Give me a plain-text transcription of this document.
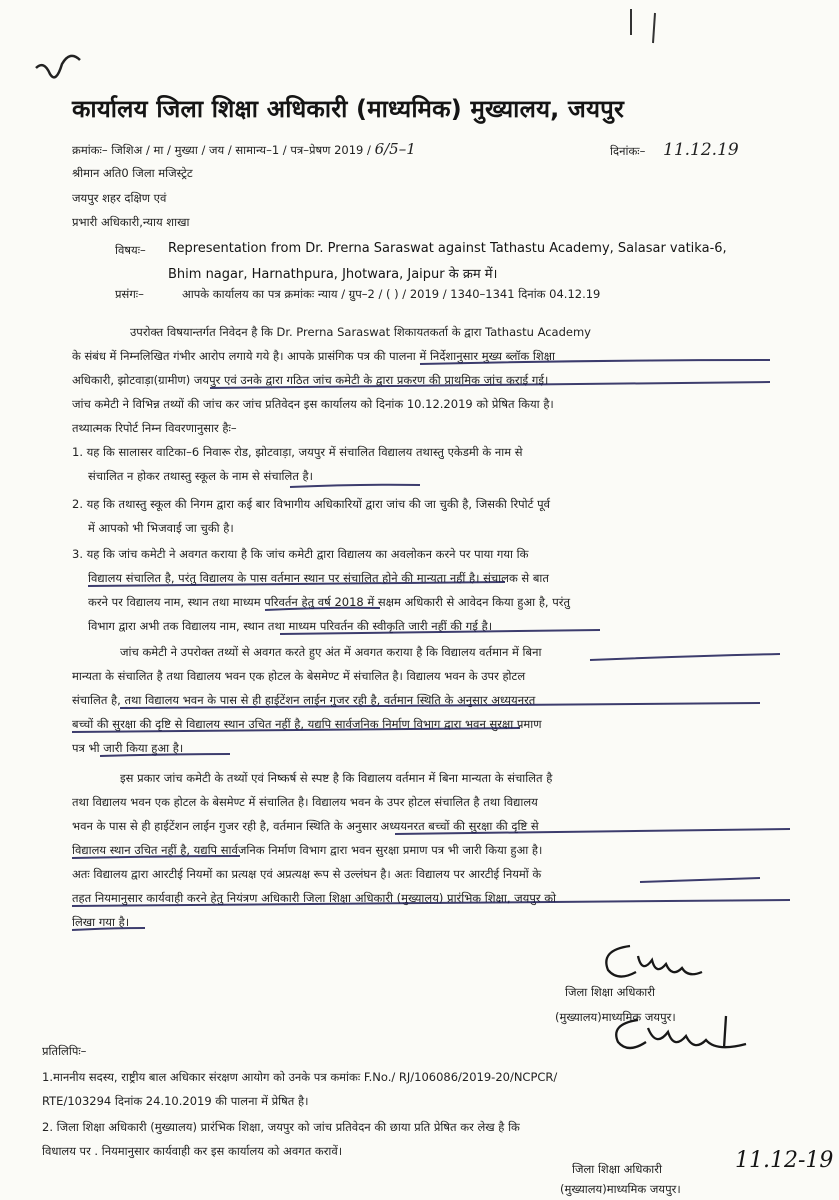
कार्यालय जिला शिक्षा अधिकारी (माध्यमिक) मुख्यालय, जयपुर
क्रमांकः– जिशिअ / मा / मुख्या / जय / सामान्य–1 / पत्र–प्रेषण 2019 / 6/5–1	दिनांकः– 11.12.19
श्रीमान अति0 जिला मजिस्ट्रेट
जयपुर शहर दक्षिण एवं
प्रभारी अधिकारी,न्याय शाखा
विषयः– Representation from Dr. Prerna Saraswat against Tathastu Academy, Salasar vatika-6,
Bhim nagar, Harnathpura, Jhotwara, Jaipur के क्रम में।
प्रसंगः–	आपके कार्यालय का पत्र क्रमांकः न्याय / ग्रुप–2 / ( ) / 2019 / 1340–1341 दिनांक 04.12.19
उपरोक्त विषयान्तर्गत निवेदन है कि Dr. Prerna Saraswat शिकायतकर्ता के द्वारा Tathastu Academy
के संबंध में निम्नलिखित गंभीर आरोप लगाये गये है। आपके प्रासंगिक पत्र की पालना में निर्देशानुसार मुख्य ब्लॉक शिक्षा
अधिकारी, झोटवाड़ा(ग्रामीण) जयपुर एवं उनके द्वारा गठित जांच कमेटी के द्वारा प्रकरण की प्राथमिक जांच कराई गई।
जांच कमेटी ने विभिन्न तथ्यों की जांच कर जांच प्रतिवेदन इस कार्यालय को दिनांक 10.12.2019 को प्रेषित किया है।
तथ्यात्मक रिपोर्ट निम्न विवरणानुसार हैः–
1. यह कि सालासर वाटिका–6 निवारू रोड, झोटवाड़ा, जयपुर में संचालित विद्यालय तथास्तु एकेडमी के नाम से
संचालित न होकर तथास्तु स्कूल के नाम से संचालित है।
2. यह कि तथास्तु स्कूल की निगम द्वारा कई बार विभागीय अधिकारियों द्वारा जांच की जा चुकी है, जिसकी रिपोर्ट पूर्व
में आपको भी भिजवाई जा चुकी है।
3. यह कि जांच कमेटी ने अवगत कराया है कि जांच कमेटी द्वारा विद्यालय का अवलोकन करने पर पाया गया कि
विद्यालय संचालित है, परंतु विद्यालय के पास वर्तमान स्थान पर संचालित होने की मान्यता नहीं है। संचालक से बात
करने पर विद्यालय नाम, स्थान तथा माध्यम परिवर्तन हेतु वर्ष 2018 में सक्षम अधिकारी से आवेदन किया हुआ है, परंतु
विभाग द्वारा अभी तक विद्यालय नाम, स्थान तथा माध्यम परिवर्तन की स्वीकृति जारी नहीं की गई है।
जांच कमेटी ने उपरोक्त तथ्यों से अवगत करते हुए अंत में अवगत कराया है कि विद्यालय वर्तमान में बिना
मान्यता के संचालित है तथा विद्यालय भवन एक होटल के बेसमेण्ट में संचालित है। विद्यालय भवन के उपर होटल
संचालित है, तथा विद्यालय भवन के पास से ही हाईटेंशन लाईन गुजर रही है, वर्तमान स्थिति के अनुसार अध्ययनरत
बच्चों की सुरक्षा की दृष्टि से विद्यालय स्थान उचित नहीं है, यद्यपि सार्वजनिक निर्माण विभाग द्वारा भवन सुरक्षा प्रमाण
पत्र भी जारी किया हुआ है।
इस प्रकार जांच कमेटी के तथ्यों एवं निष्कर्ष से स्पष्ट है कि विद्यालय वर्तमान में बिना मान्यता के संचालित है
तथा विद्यालय भवन एक होटल के बेसमेण्ट में संचालित है। विद्यालय भवन के उपर होटल संचालित है तथा विद्यालय
भवन के पास से ही हाईटेंशन लाईन गुजर रही है, वर्तमान स्थिति के अनुसार अध्ययनरत बच्चों की सुरक्षा की दृष्टि से
विद्यालय स्थान उचित नहीं है, यद्यपि सार्वजनिक निर्माण विभाग द्वारा भवन सुरक्षा प्रमाण पत्र भी जारी किया हुआ है।
अतः विद्यालय द्वारा आरटीई नियमों का प्रत्यक्ष एवं अप्रत्यक्ष रूप से उल्लंघन है। अतः विद्यालय पर आरटीई नियमों के
तहत नियमानुसार कार्यवाही करने हेतु नियंत्रण अधिकारी जिला शिक्षा अधिकारी (मुख्यालय) प्रारंभिक शिक्षा, जयपुर को
लिखा गया है।
जिला शिक्षा अधिकारी
(मुख्यालय)माध्यमिक जयपुर।
प्रतिलिपिः–
1.माननीय सदस्य, राष्ट्रीय बाल अधिकार संरक्षण आयोग को उनके पत्र कमांकः F.No./ RJ/106086/2019-20/NCPCR/
RTE/103294 दिनांक 24.10.2019 की पालना में प्रेषित है।
2. जिला शिक्षा अधिकारी (मुख्यालय) प्रारंभिक शिक्षा, जयपुर को जांच प्रतिवेदन की छाया प्रति प्रेषित कर लेख है कि
विधालय पर . नियमानुसार कार्यवाही कर इस कार्यालय को अवगत करावें।
जिला शिक्षा अधिकारी
(मुख्यालय)माध्यमिक जयपुर।
11.12-19
